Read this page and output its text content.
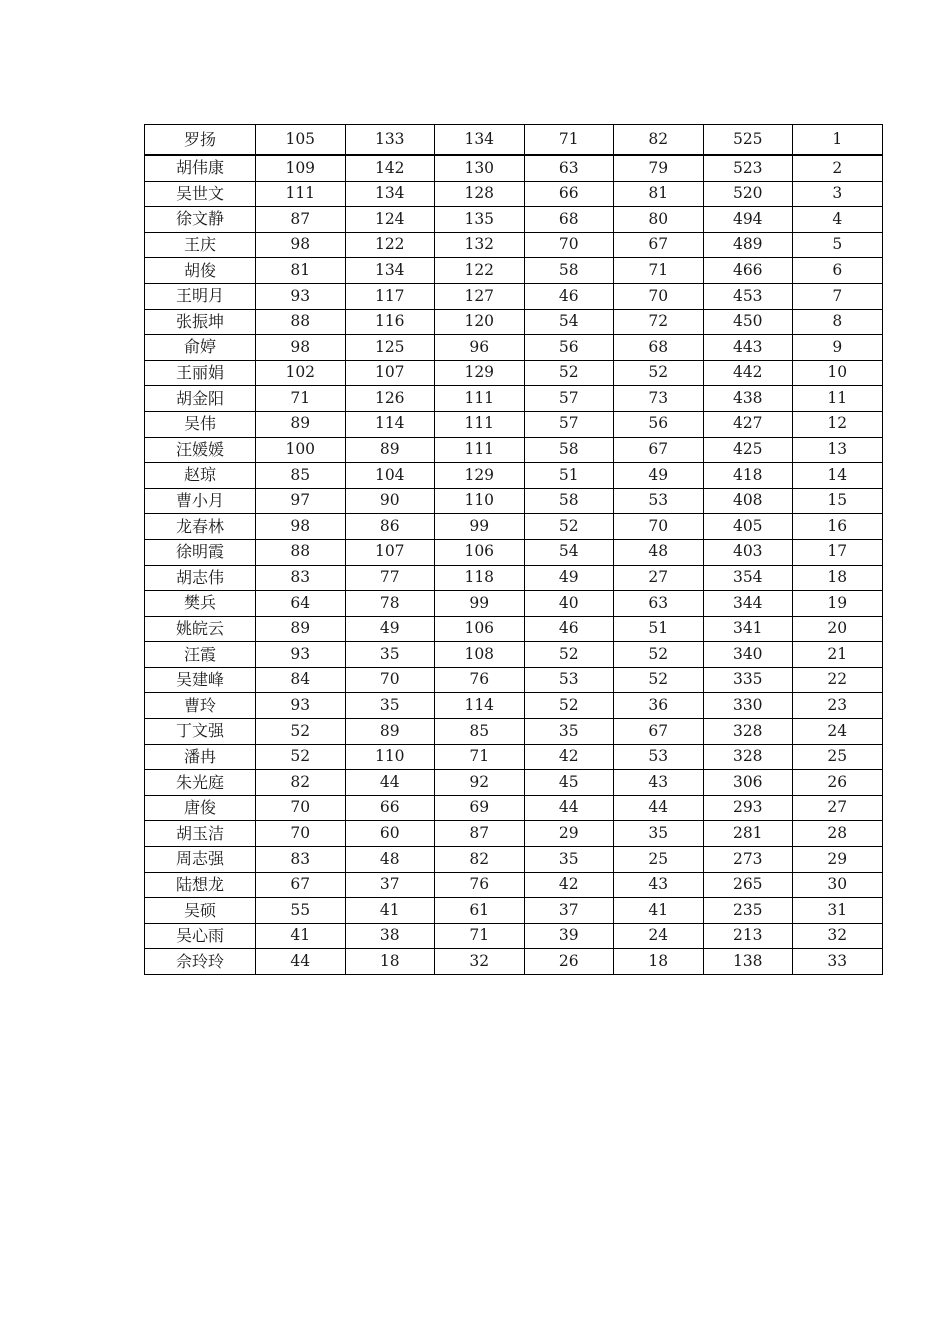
罗扬	105	133	134	71	82	525	1
胡伟康	109	142	130	63	79	523	2
吴世文	111	134	128	66	81	520	3
徐文静	87	124	135	68	80	494	4
王庆	98	122	132	70	67	489	5
胡俊	81	134	122	58	71	466	6
王明月	93	117	127	46	70	453	7
张振坤	88	116	120	54	72	450	8
俞婷	98	125	96	56	68	443	9
王丽娟	102	107	129	52	52	442	10
胡金阳	71	126	111	57	73	438	11
吴伟	89	114	111	57	56	427	12
汪媛媛	100	89	111	58	67	425	13
赵琼	85	104	129	51	49	418	14
曹小月	97	90	110	58	53	408	15
龙春林	98	86	99	52	70	405	16
徐明霞	88	107	106	54	48	403	17
胡志伟	83	77	118	49	27	354	18
樊兵	64	78	99	40	63	344	19
姚皖云	89	49	106	46	51	341	20
汪霞	93	35	108	52	52	340	21
吴建峰	84	70	76	53	52	335	22
曹玲	93	35	114	52	36	330	23
丁文强	52	89	85	35	67	328	24
潘冉	52	110	71	42	53	328	25
朱光庭	82	44	92	45	43	306	26
唐俊	70	66	69	44	44	293	27
胡玉洁	70	60	87	29	35	281	28
周志强	83	48	82	35	25	273	29
陆想龙	67	37	76	42	43	265	30
吴硕	55	41	61	37	41	235	31
吴心雨	41	38	71	39	24	213	32
佘玲玲	44	18	32	26	18	138	33
